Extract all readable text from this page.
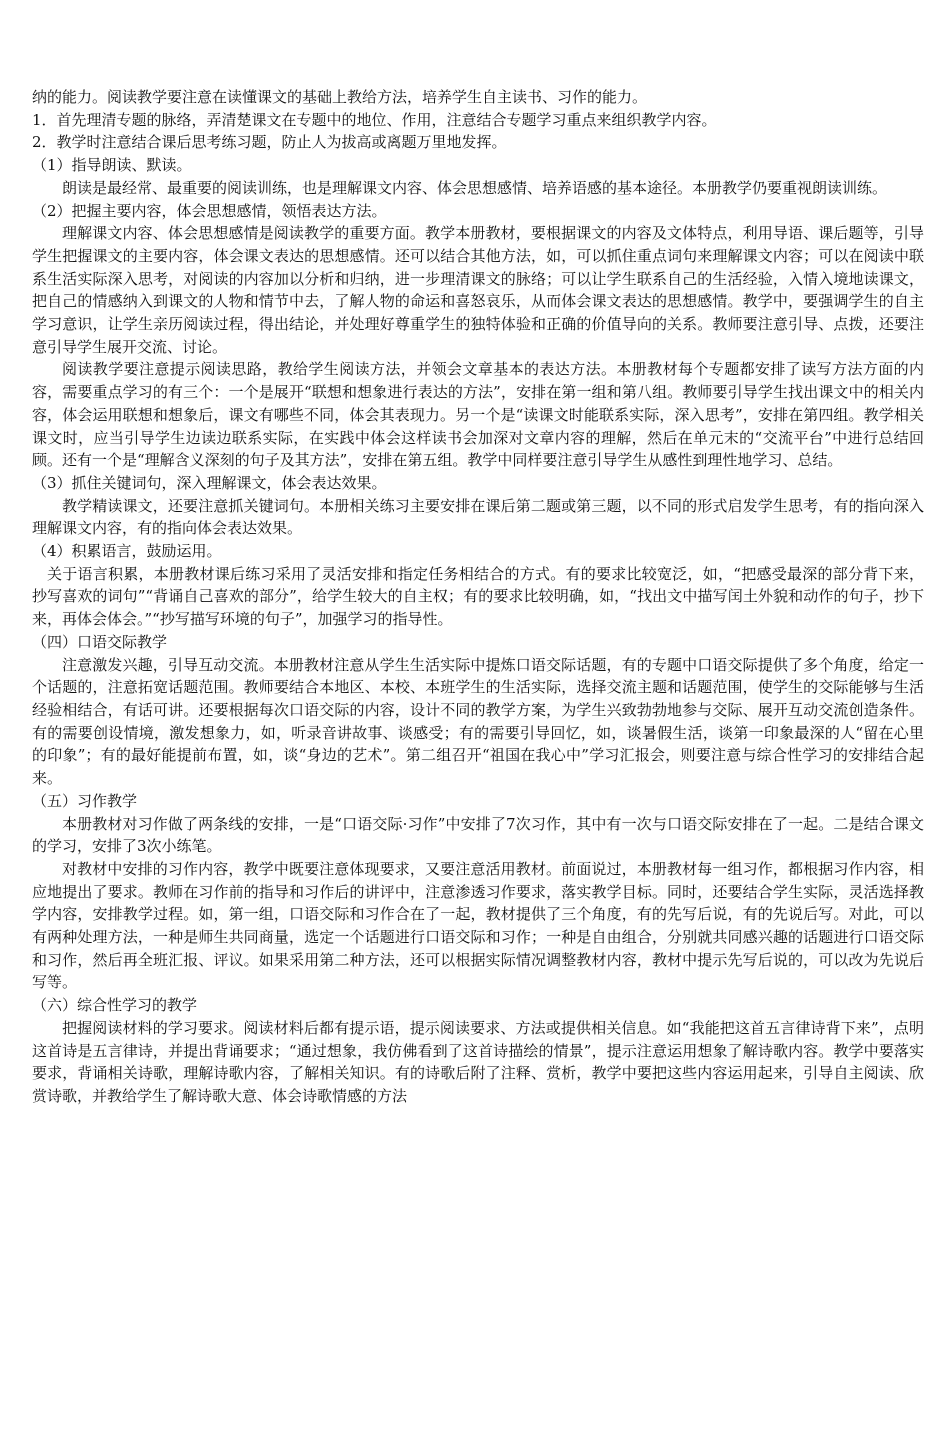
纳的能力。阅读教学要注意在读懂课文的基础上教给方法，培养学生自主读书、习作的能力。

1．首先理清专题的脉络，弄清楚课文在专题中的地位、作用，注意结合专题学习重点来组织教学内容。

2．教学时注意结合课后思考练习题，防止人为拔高或离题万里地发挥。

（1）指导朗读、默读。

朗读是最经常、最重要的阅读训练，也是理解课文内容、体会思想感情、培养语感的基本途径。本册教学仍要重视朗读训练。

（2）把握主要内容，体会思想感情，领悟表达方法。

理解课文内容、体会思想感情是阅读教学的重要方面。教学本册教材，要根据课文的内容及文体特点，利用导语、课后题等，引导学生把握课文的主要内容，体会课文表达的思想感情。还可以结合其他方法，如，可以抓住重点词句来理解课文内容；可以在阅读中联系生活实际深入思考，对阅读的内容加以分析和归纳，进一步理清课文的脉络；可以让学生联系自己的生活经验，入情入境地读课文，把自己的情感纳入到课文的人物和情节中去，了解人物的命运和喜怒哀乐，从而体会课文表达的思想感情。教学中，要强调学生的自主学习意识，让学生亲历阅读过程，得出结论，并处理好尊重学生的独特体验和正确的价值导向的关系。教师要注意引导、点拨，还要注意引导学生展开交流、讨论。

阅读教学要注意提示阅读思路，教给学生阅读方法，并领会文章基本的表达方法。本册教材每个专题都安排了读写方法方面的内容，需要重点学习的有三个：一个是展开“联想和想象进行表达的方法”，安排在第一组和第八组。教师要引导学生找出课文中的相关内容，体会运用联想和想象后，课文有哪些不同，体会其表现力。另一个是“读课文时能联系实际，深入思考”，安排在第四组。教学相关课文时，应当引导学生边读边联系实际，在实践中体会这样读书会加深对文章内容的理解，然后在单元末的“交流平台”中进行总结回顾。还有一个是“理解含义深刻的句子及其方法”，安排在第五组。教学中同样要注意引导学生从感性到理性地学习、总结。

（3）抓住关键词句，深入理解课文，体会表达效果。

教学精读课文，还要注意抓关键词句。本册相关练习主要安排在课后第二题或第三题，以不同的形式启发学生思考，有的指向深入理解课文内容，有的指向体会表达效果。

（4）积累语言，鼓励运用。

关于语言积累，本册教材课后练习采用了灵活安排和指定任务相结合的方式。有的要求比较宽泛，如，“把感受最深的部分背下来，抄写喜欢的词句”“背诵自己喜欢的部分”，给学生较大的自主权；有的要求比较明确，如，“找出文中描写闰土外貌和动作的句子，抄下来，再体会体会。”“抄写描写环境的句子”，加强学习的指导性。

（四）口语交际教学

注意激发兴趣，引导互动交流。本册教材注意从学生生活实际中提炼口语交际话题，有的专题中口语交际提供了多个角度，给定一个话题的，注意拓宽话题范围。教师要结合本地区、本校、本班学生的生活实际，选择交流主题和话题范围，使学生的交际能够与生活经验相结合，有话可讲。还要根据每次口语交际的内容，设计不同的教学方案，为学生兴致勃勃地参与交际、展开互动交流创造条件。有的需要创设情境，激发想象力，如，听录音讲故事、谈感受；有的需要引导回忆，如，谈暑假生活，谈第一印象最深的人“留在心里的印象”；有的最好能提前布置，如，谈“身边的艺术”。第二组召开“祖国在我心中”学习汇报会，则要注意与综合性学习的安排结合起来。

（五）习作教学

本册教材对习作做了两条线的安排，一是“口语交际·习作”中安排了7次习作，其中有一次与口语交际安排在了一起。二是结合课文的学习，安排了3次小练笔。

对教材中安排的习作内容，教学中既要注意体现要求，又要注意活用教材。前面说过，本册教材每一组习作，都根据习作内容，相应地提出了要求。教师在习作前的指导和习作后的讲评中，注意渗透习作要求，落实教学目标。同时，还要结合学生实际，灵活选择教学内容，安排教学过程。如，第一组，口语交际和习作合在了一起，教材提供了三个角度，有的先写后说，有的先说后写。对此，可以有两种处理方法，一种是师生共同商量，选定一个话题进行口语交际和习作；一种是自由组合，分别就共同感兴趣的话题进行口语交际和习作，然后再全班汇报、评议。如果采用第二种方法，还可以根据实际情况调整教材内容，教材中提示先写后说的，可以改为先说后写等。

（六）综合性学习的教学

把握阅读材料的学习要求。阅读材料后都有提示语，提示阅读要求、方法或提供相关信息。如“我能把这首五言律诗背下来”，点明这首诗是五言律诗，并提出背诵要求；“通过想象，我仿佛看到了这首诗描绘的情景”，提示注意运用想象了解诗歌内容。教学中要落实要求，背诵相关诗歌，理解诗歌内容，了解相关知识。有的诗歌后附了注释、赏析，教学中要把这些内容运用起来，引导自主阅读、欣赏诗歌，并教给学生了解诗歌大意、体会诗歌情感的方法
